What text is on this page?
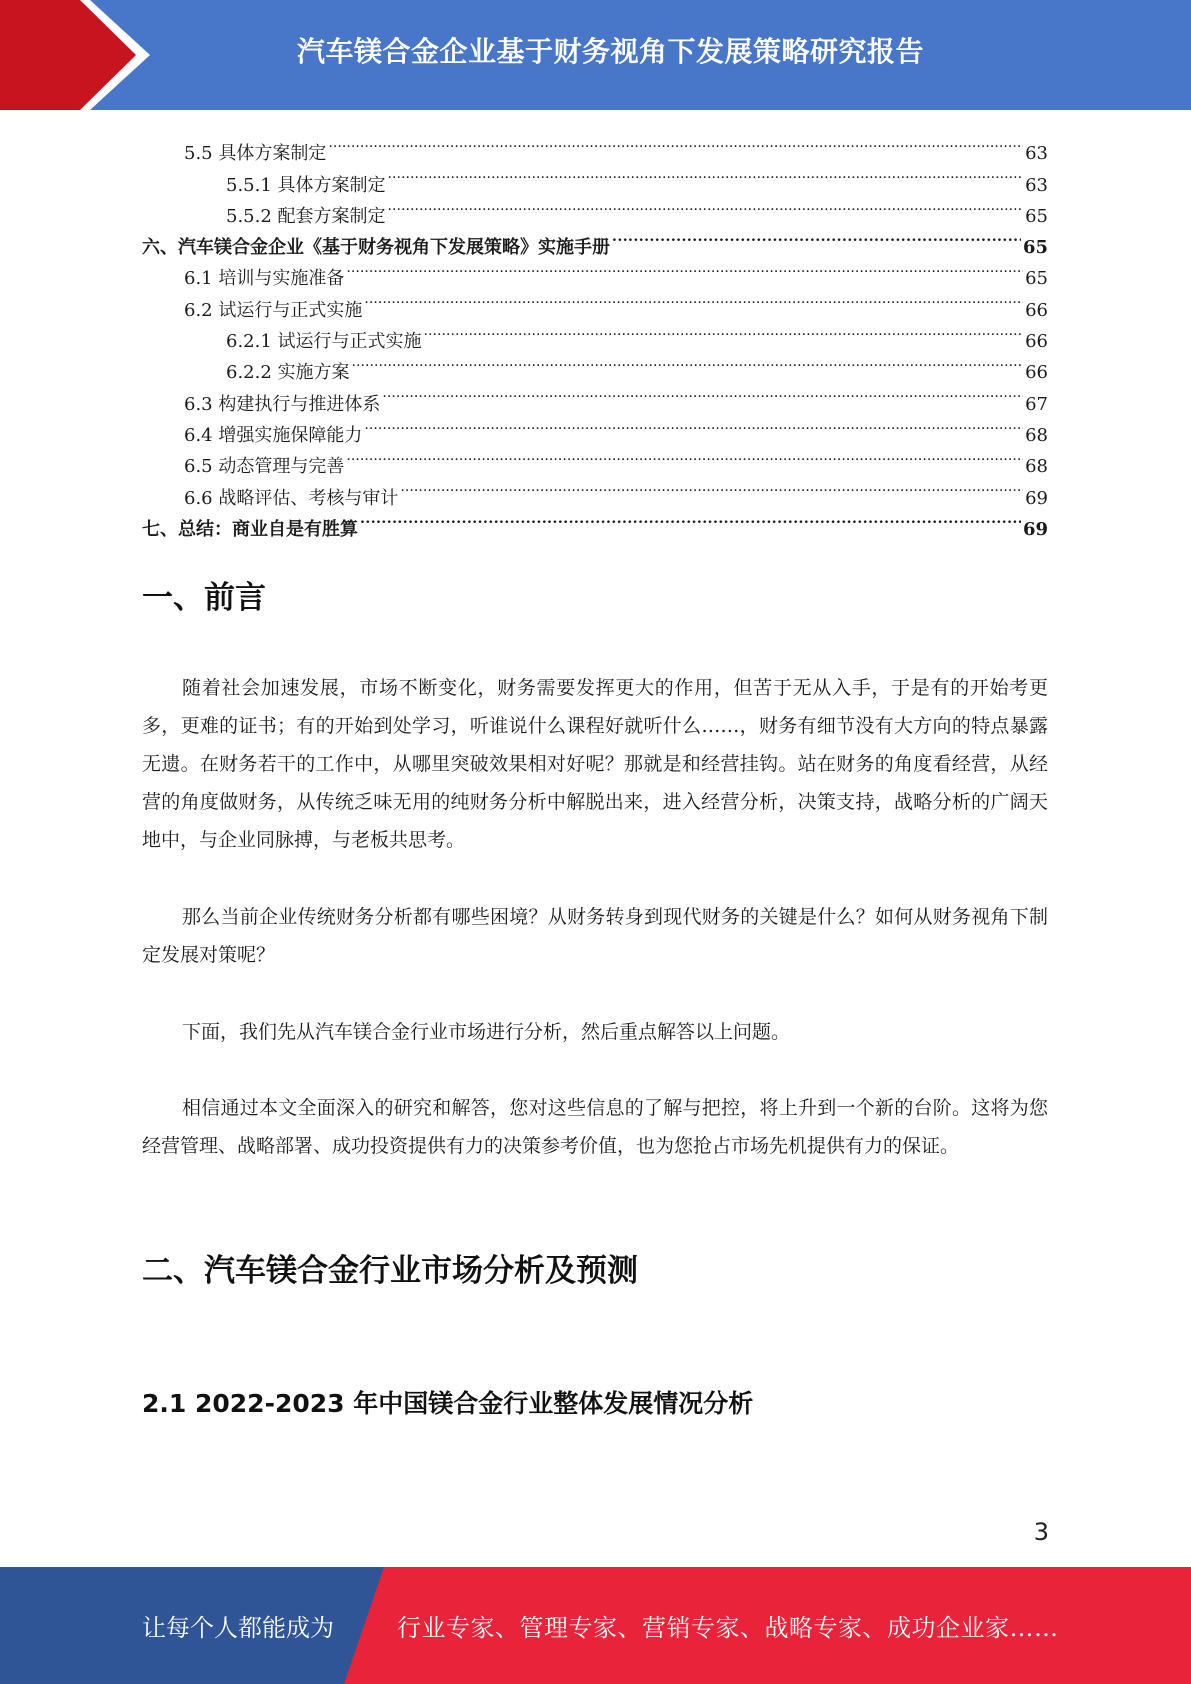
汽车镁合金企业基于财务视角下发展策略研究报告
5.5 具体方案制定 . . .	63
5.5.1 具体方案制定 . . .	63
5.5.2 配套方案制定 . . .	65
六、汽车镁合金企业《基于财务视角下发展策略》实施手册 . . .	65
6.1 培训与实施准备 . . .	65
6.2 试运行与正式实施 . . .	66
6.2.1 试运行与正式实施 . . .	66
6.2.2 实施方案 . . .	66
6.3 构建执行与推进体系 . . .	67
6.4 增强实施保障能力 . . .	68
6.5 动态管理与完善 . . .	68
6.6 战略评估、考核与审计 . . .	69
七、总结：商业自是有胜算 . . .	69
一、前言

随着社会加速发展，市场不断变化，财务需要发挥更大的作用，但苦于无从入手，于是有的开始考更多，更难的证书；有的开始到处学习，听谁说什么课程好就听什么……，财务有细节没有大方向的特点暴露无遗。在财务若干的工作中，从哪里突破效果相对好呢？那就是和经营挂钩。站在财务的角度看经营，从经营的角度做财务，从传统乏味无用的纯财务分析中解脱出来，进入经营分析，决策支持，战略分析的广阔天地中，与企业同脉搏，与老板共思考。

那么当前企业传统财务分析都有哪些困境？从财务转身到现代财务的关键是什么？如何从财务视角下制定发展对策呢？

下面，我们先从汽车镁合金行业市场进行分析，然后重点解答以上问题。

相信通过本文全面深入的研究和解答，您对这些信息的了解与把控，将上升到一个新的台阶。这将为您经营管理、战略部署、成功投资提供有力的决策参考价值，也为您抢占市场先机提供有力的保证。

二、汽车镁合金行业市场分析及预测
2.1 2022-2023 年中国镁合金行业整体发展情况分析
3
让每个人都能成为	行业专家、管理专家、营销专家、战略专家、成功企业家……
